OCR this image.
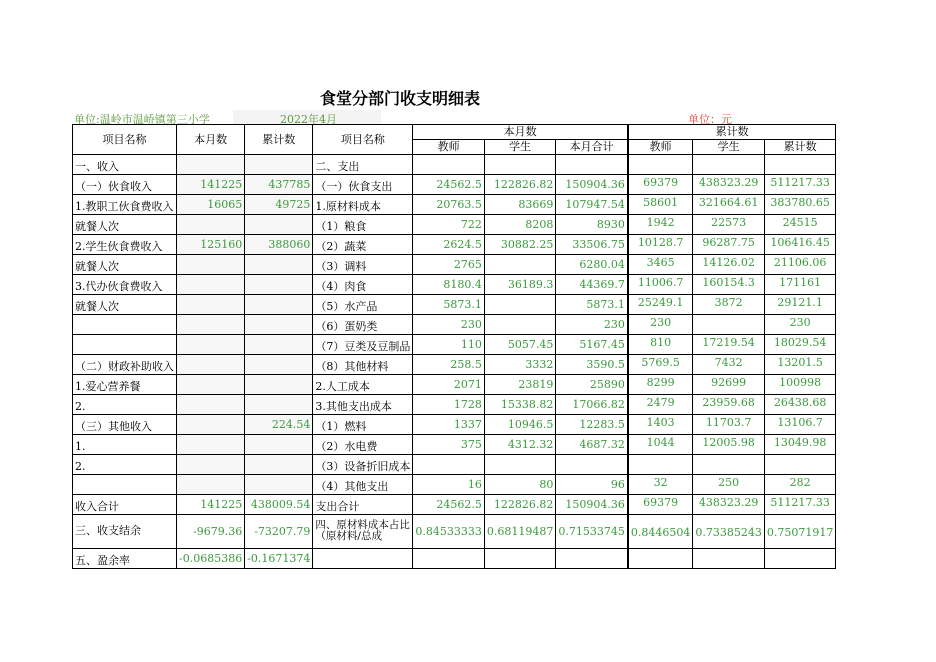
食堂分部门收支明细表
单位:温岭市温峤镇第三小学	2022年4月	单位：元
项目名称	本月数	累计数	项目名称	本月数			累计数		
				教师	学生	本月合计	教师	学生	累计数
一、收入			二、支出						
（一）伙食收入	141225	437785	（一）伙食支出	24562.5	122826.82	150904.36	69379	438323.29	511217.33
1.教职工伙食费收入	16065	49725	1.原材料成本	20763.5	83669	107947.54	58601	321664.61	383780.65
就餐人次			（1）粮食	722	8208	8930	1942	22573	24515
2.学生伙食费收入	125160	388060	（2）蔬菜	2624.5	30882.25	33506.75	10128.7	96287.75	106416.45
就餐人次			（3）调料	2765		6280.04	3465	14126.02	21106.06
3.代办伙食费收入			（4）肉食	8180.4	36189.3	44369.7	11006.7	160154.3	171161
就餐人次			（5）水产品	5873.1		5873.1	25249.1	3872	29121.1
			（6）蛋奶类	230		230	230		230
			（7）豆类及豆制品	110	5057.45	5167.45	810	17219.54	18029.54
（二）财政补助收入			（8）其他材料	258.5	3332	3590.5	5769.5	7432	13201.5
1.爱心营养餐			2.人工成本	2071	23819	25890	8299	92699	100998
2.			3.其他支出成本	1728	15338.82	17066.82	2479	23959.68	26438.68
（三）其他收入		224.54	（1）燃料	1337	10946.5	12283.5	1403	11703.7	13106.7
1.			（2）水电费	375	4312.32	4687.32	1044	12005.98	13049.98
2.			（3）设备折旧成本						
			（4）其他支出	16	80	96	32	250	282
收入合计	141225	438009.54	支出合计	24562.5	122826.82	150904.36	69379	438323.29	511217.33
三、收支结余	-9679.36	-73207.79	四、原材料成本占比 （原材料/总成	0.84533333	0.68119487	0.71533745	0.8446504	0.73385243	0.75071917
五、盈余率	-0.0685386	-0.1671374							
